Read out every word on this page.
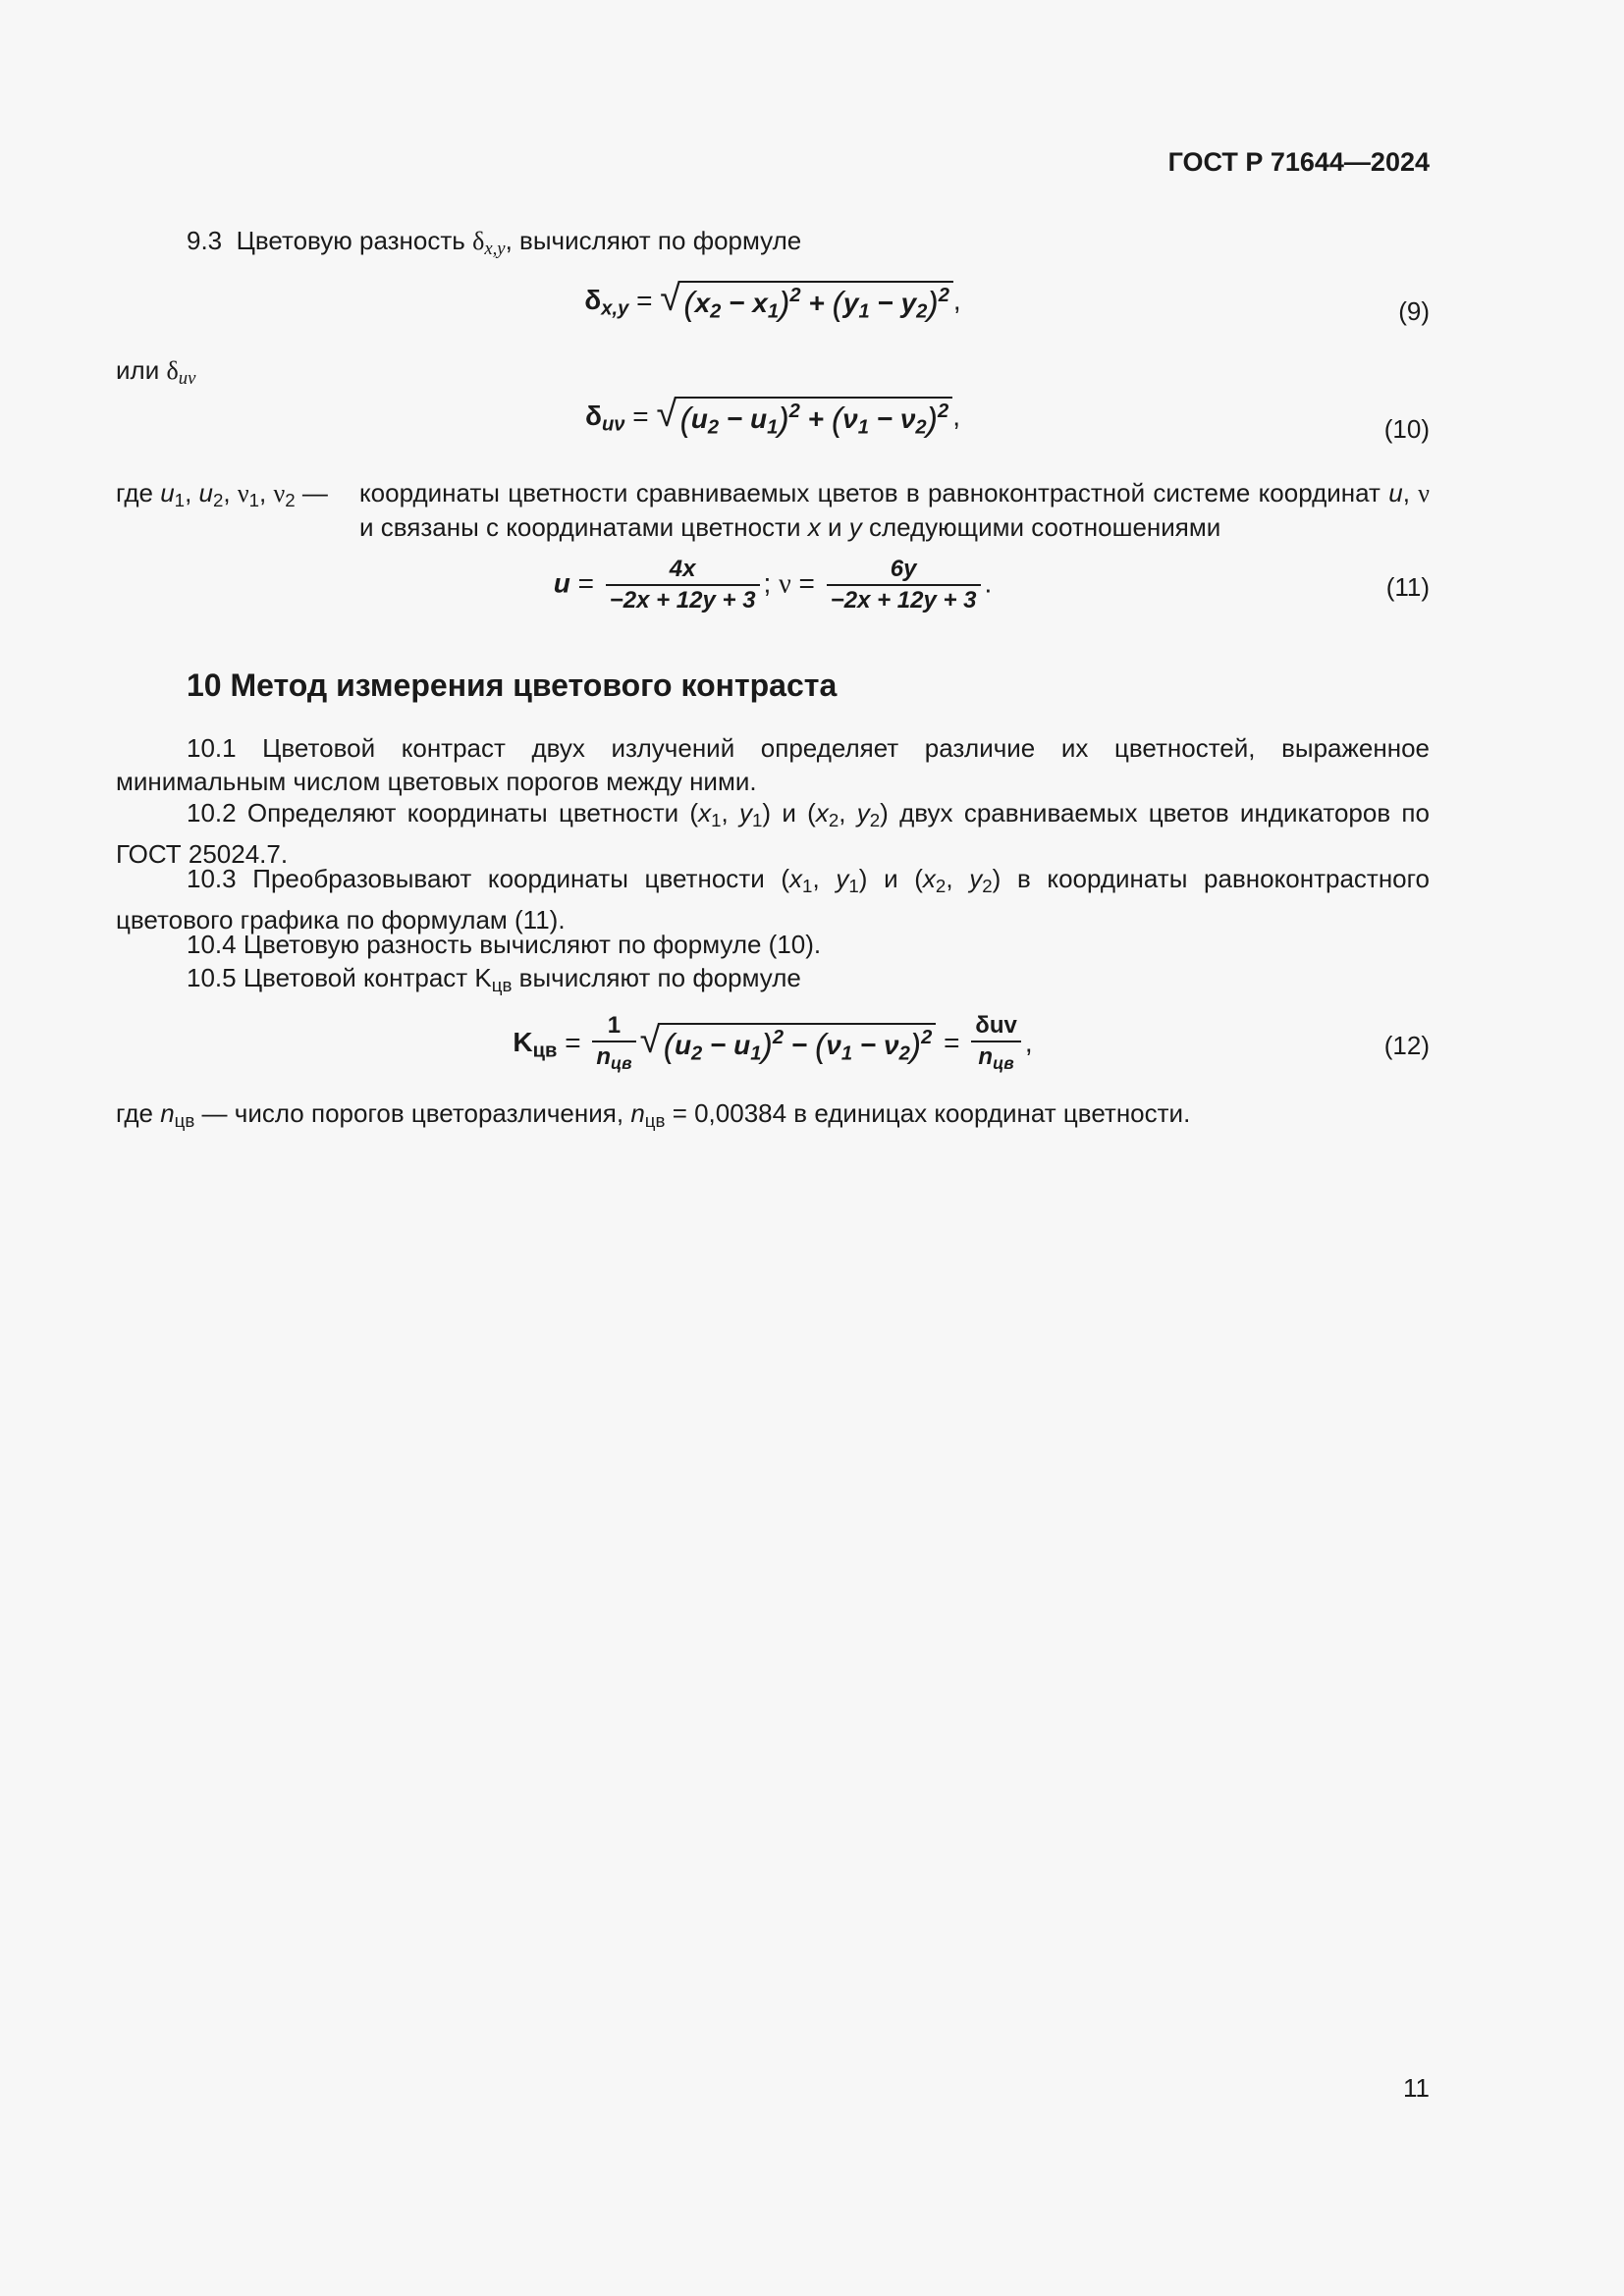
ГОСТ Р 71644—2024
9.3 Цветовую разность $\delta_{x,y}$, вычисляют по формуле
$\delta_{x,y}$ = √ $(x_2 - x_1)^2 + (y_1 - y_2)^2$ ,	(9)
или $\delta_{u\nu}$
$\delta_{u\nu}$ = √ $(u_2 - u_1)^2 + (\nu_1 - \nu_2)^2$ ,	(10)
где $u_1$, $u_2$, $\nu_1$, $\nu_2$ — координаты цветности сравниваемых цветов в равноконтрастной системе координат u, ν и связаны с координатами цветности x и y следующими соотношениями
$u = \frac{4x}{-2x + 12y + 3}$ ; $\nu = \frac{6y}{-2x + 12y + 3}$ .	(11)
10 Метод измерения цветового контраста
10.1 Цветовой контраст двух излучений определяет различие их цветностей, выраженное минимальным числом цветовых порогов между ними.
10.2 Определяют координаты цветности ($x_1$, $y_1$) и ($x_2$, $y_2$) двух сравниваемых цветов индикаторов по ГОСТ 25024.7.
10.3 Преобразовывают координаты цветности ($x_1$, $y_1$) и ($x_2$, $y_2$) в координаты равноконтрастного цветового графика по формулам (11).
10.4 Цветовую разность вычисляют по формуле (10).
10.5 Цветовой контраст $K_{цв}$ вычисляют по формуле
$K_{цв} = \frac{1}{n_{цв}}$ √ $(u_2 - u_1)^2 - (\nu_1 - \nu_2)^2 = \frac{\text{δuv}}{n_{цв}}$ ,	(12)
где $n_{цв}$ — число порогов цветоразличения, $n_{цв} = 0,00384$ в единицах координат цветности.
11
